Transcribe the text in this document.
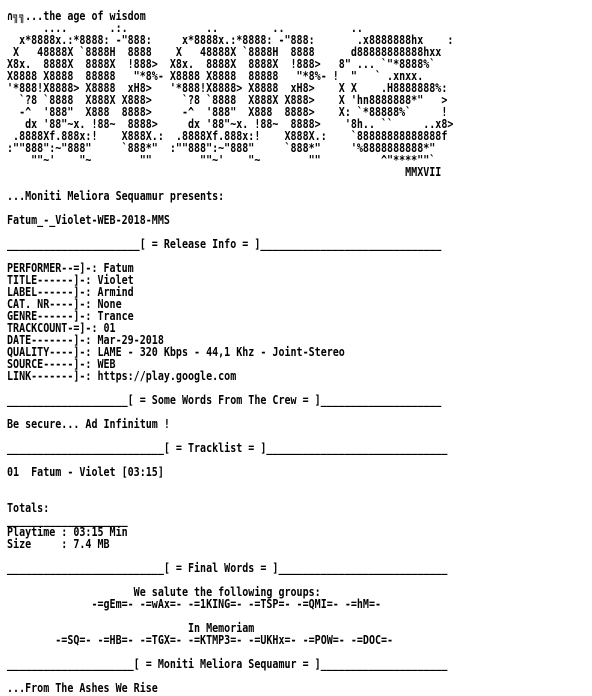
∩╗╗...the age of wisdom
....       .:.             ..         ..           ..
x*8888x.:*8888: -"888:     x*8888x.:*8888: -"888:       .x8888888hx    :
X   48888X `8888H  8888    X   48888X `8888H  8888      d88888888888hxx
X8x.  8888X  8888X  !888>  X8x.  8888X  8888X  !888>   8" ... `"*8888%`
X8888 X8888  88888   "*8%- X8888 X8888  88888   "*8%- !  "   ` .xnxx.
'*888!X8888> X8888  xH8>   '*888!X8888> X8888  xH8>    X X    .H8888888%:
`?8 `8888  X888X X888>     `?8 `8888  X888X X888>    X 'hn8888888*"   >
-^  '888"  X888  8888>     -^  '888"  X888  8888>    X: `*88888%`     !
dx '88"~x. !88~  8888>     dx '88"~x. !88~  8888>    '8h.. ``     ..x8>
.8888Xf.888x:!    X888X.:  .8888Xf.888x:!    X888X.:    `88888888888888f
:""888":~"888"     `888*"  :""888":~"888"     `888*"     '%8888888888*"
""~'    "~        ""        ""~'    "~        ""          ^"****""`
MMXVII
...Moniti Meliora Sequamur presents:
Fatum_-_Violet-WEB-2018-MMS
______________________[ = Release Info = ]______________________________
PERFORMER--=]-: Fatum
TITLE------]-: Violet
LABEL------]-: Armind
CAT. NR----]-: None
GENRE------]-: Trance
TRACKCOUNT-=]-: 01
DATE-------]-: Mar-29-2018
QUALITY----]-: LAME - 320 Kbps - 44,1 Khz - Joint-Stereo
SOURCE-----]-: WEB
LINK-------]-: https://play.google.com
____________________[ = Some Words From The Crew = ]____________________
Be secure... Ad Infinitum !
__________________________[ = Tracklist = ]______________________________
01  Fatum - Violet [03:15]
Totals:
____________________
Playtime : 03:15 Min
Size     : 7.4 MB
__________________________[ = Final Words = ]____________________________
We salute the following groups:
-=gEm=- -=wAx=- -=1KING=- -=TSP=- -=QMI=- -=hM=-
In Memoriam
-=SQ=- -=HB=- -=TGX=- -=KTMP3=- -=UKHx=- -=POW=- -=DOC=-
_____________________[ = Moniti Meliora Sequamur = ]_____________________
...From The Ashes We Rise
